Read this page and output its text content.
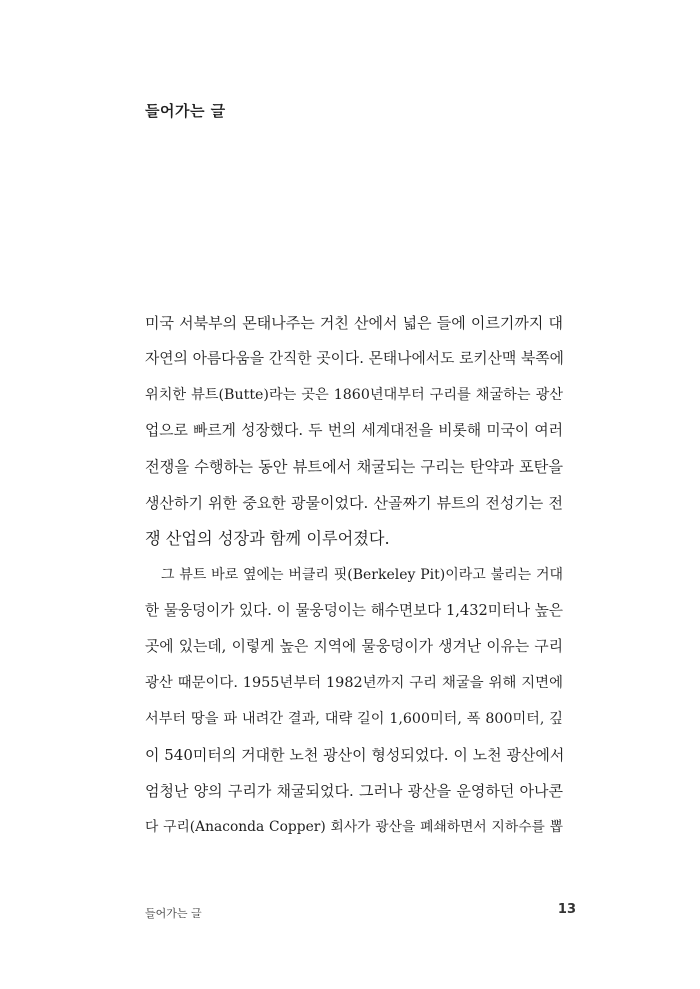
들어가는 글
미국 서북부의 몬태나주는 거친 산에서 넓은 들에 이르기까지 대
자연의 아름다움을 간직한 곳이다. 몬태나에서도 로키산맥 북쪽에
위치한 뷰트(Butte)라는 곳은 1860년대부터 구리를 채굴하는 광산
업으로 빠르게 성장했다. 두 번의 세계대전을 비롯해 미국이 여러
전쟁을 수행하는 동안 뷰트에서 채굴되는 구리는 탄약과 포탄을
생산하기 위한 중요한 광물이었다. 산골짜기 뷰트의 전성기는 전
쟁 산업의 성장과 함께 이루어졌다.
그 뷰트 바로 옆에는 버클리 핏(Berkeley Pit)이라고 불리는 거대
한 물웅덩이가 있다. 이 물웅덩이는 해수면보다 1,432미터나 높은
곳에 있는데, 이렇게 높은 지역에 물웅덩이가 생겨난 이유는 구리
광산 때문이다. 1955년부터 1982년까지 구리 채굴을 위해 지면에
서부터 땅을 파 내려간 결과, 대략 길이 1,600미터, 폭 800미터, 깊
이 540미터의 거대한 노천 광산이 형성되었다. 이 노천 광산에서
엄청난 양의 구리가 채굴되었다. 그러나 광산을 운영하던 아나콘
다 구리(Anaconda Copper) 회사가 광산을 폐쇄하면서 지하수를 뽑
들어가는 글	13
